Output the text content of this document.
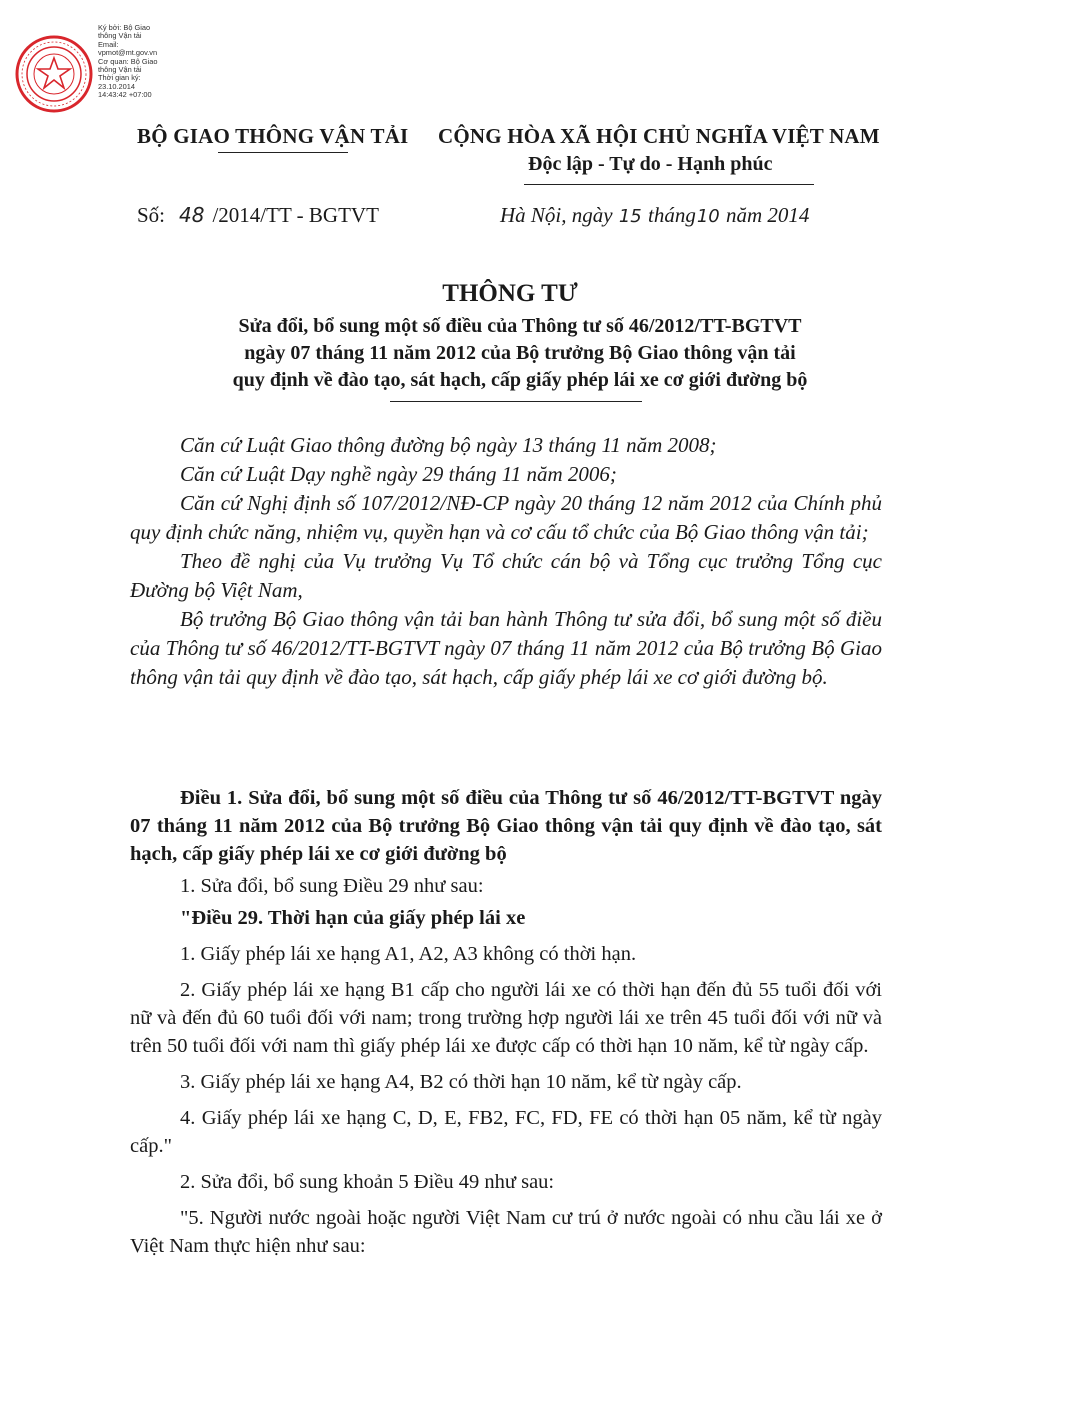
Ký bởi: Bộ Giao
thông Vận tải
Email:
vpmot@mt.gov.vn
Cơ quan: Bộ Giao
thông Vận tải
Thời gian ký:
23.10.2014
14:43:42 +07:00
BỘ GIAO THÔNG VẬN TẢI CỘNG HÒA XÃ HỘI CHỦ NGHĨA VIỆT NAM
Độc lập - Tự do - Hạnh phúc
Số: 48 /2014/TT - BGTVT	Hà Nội, ngày 15 tháng10 năm 2014
THÔNG TƯ
Sửa đổi, bổ sung một số điều của Thông tư số 46/2012/TT-BGTVT
ngày 07 tháng 11 năm 2012 của Bộ trưởng Bộ Giao thông vận tải
quy định về đào tạo, sát hạch, cấp giấy phép lái xe cơ giới đường bộ

Căn cứ Luật Giao thông đường bộ ngày 13 tháng 11 năm 2008;

Căn cứ Luật Dạy nghề ngày 29 tháng 11 năm 2006;

Căn cứ Nghị định số 107/2012/NĐ-CP ngày 20 tháng 12 năm 2012 của Chính phủ quy định chức năng, nhiệm vụ, quyền hạn và cơ cấu tổ chức của Bộ Giao thông vận tải;

Theo đề nghị của Vụ trưởng Vụ Tổ chức cán bộ và Tổng cục trưởng Tổng cục Đường bộ Việt Nam,

Bộ trưởng Bộ Giao thông vận tải ban hành Thông tư sửa đổi, bổ sung một số điều của Thông tư số 46/2012/TT-BGTVT ngày 07 tháng 11 năm 2012 của Bộ trưởng Bộ Giao thông vận tải quy định về đào tạo, sát hạch, cấp giấy phép lái xe cơ giới đường bộ.

Điều 1. Sửa đổi, bổ sung một số điều của Thông tư số 46/2012/TT-BGTVT ngày 07 tháng 11 năm 2012 của Bộ trưởng Bộ Giao thông vận tải quy định về đào tạo, sát hạch, cấp giấy phép lái xe cơ giới đường bộ

1. Sửa đổi, bổ sung Điều 29 như sau:

"Điều 29. Thời hạn của giấy phép lái xe

1. Giấy phép lái xe hạng A1, A2, A3 không có thời hạn.

2. Giấy phép lái xe hạng B1 cấp cho người lái xe có thời hạn đến đủ 55 tuổi đối với nữ và đến đủ 60 tuổi đối với nam; trong trường hợp người lái xe trên 45 tuổi đối với nữ và trên 50 tuổi đối với nam thì giấy phép lái xe được cấp có thời hạn 10 năm, kể từ ngày cấp.

3. Giấy phép lái xe hạng A4, B2 có thời hạn 10 năm, kể từ ngày cấp.

4. Giấy phép lái xe hạng C, D, E, FB2, FC, FD, FE có thời hạn 05 năm, kể từ ngày cấp."

2. Sửa đổi, bổ sung khoản 5 Điều 49 như sau:

"5. Người nước ngoài hoặc người Việt Nam cư trú ở nước ngoài có nhu cầu lái xe ở Việt Nam thực hiện như sau:
